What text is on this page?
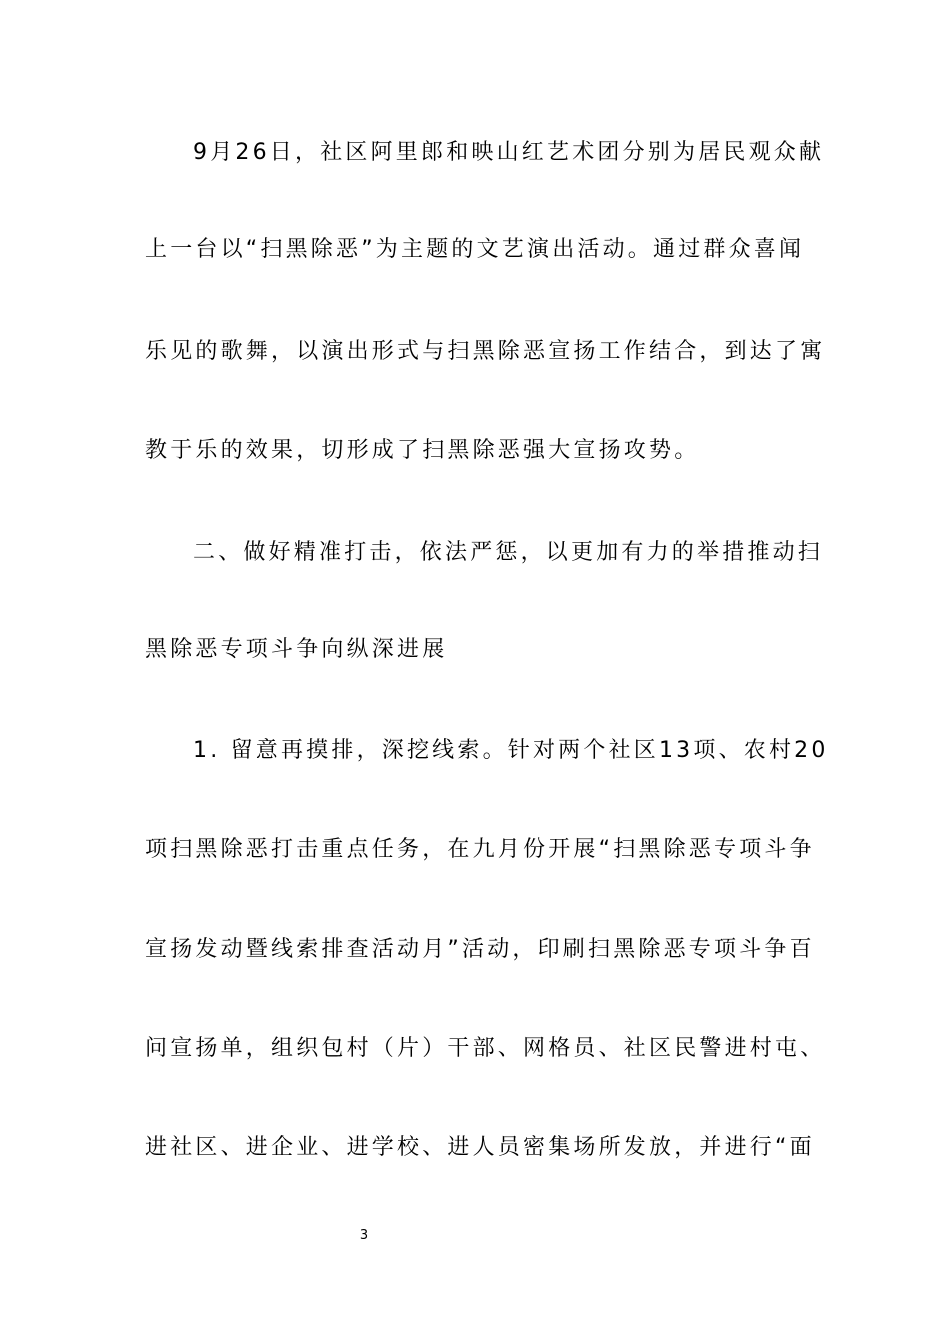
9月26日，社区阿里郎和映山红艺术团分别为居民观众献
上一台以“扫黑除恶”为主题的文艺演出活动。通过群众喜闻
乐见的歌舞，以演出形式与扫黑除恶宣扬工作结合，到达了寓
教于乐的效果，切形成了扫黑除恶强大宣扬攻势。
二、做好精准打击，依法严惩，以更加有力的举措推动扫
黑除恶专项斗争向纵深进展
1. 留意再摸排，深挖线索。针对两个社区13项、农村20
项扫黑除恶打击重点任务，在九月份开展“扫黑除恶专项斗争
宣扬发动暨线索排查活动月”活动，印刷扫黑除恶专项斗争百
问宣扬单，组织包村（片）干部、网格员、社区民警进村屯、
进社区、进企业、进学校、进人员密集场所发放，并进行“面
3
